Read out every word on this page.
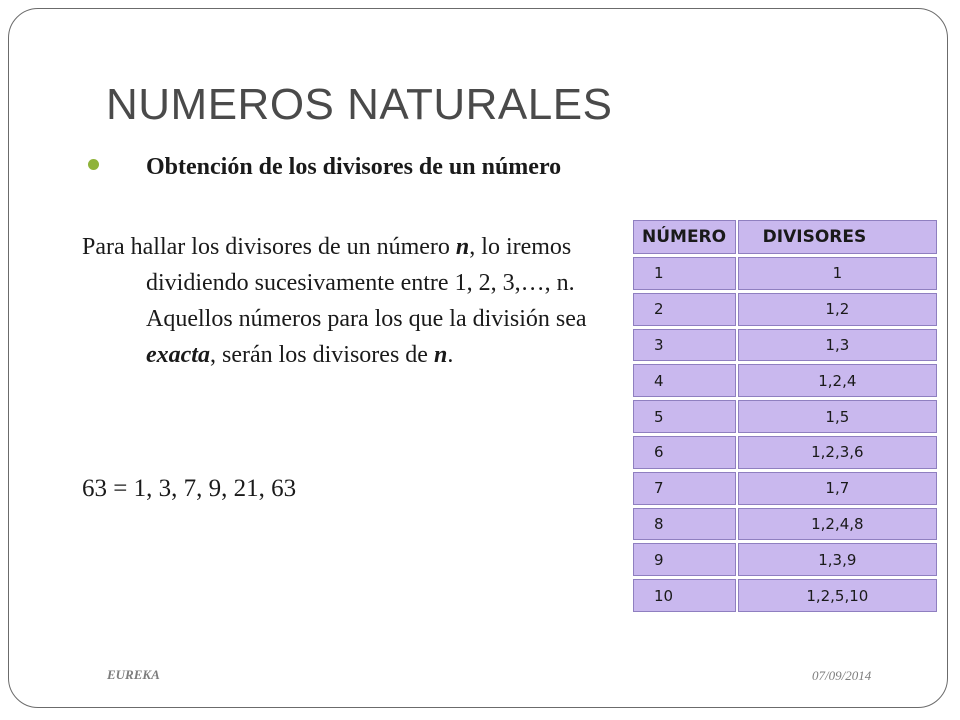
NUMEROS NATURALES
Obtención de los divisores de un número
Para hallar los divisores de un número n, lo iremos dividiendo sucesivamente entre 1, 2, 3,…, n. Aquellos números para los que la división sea exacta, serán los divisores de n.
63 = 1, 3, 7, 9, 21, 63
NÚMERO	DIVISORES
1	1
2	1,2
3	1,3
4	1,2,4
5	1,5
6	1,2,3,6
7	1,7
8	1,2,4,8
9	1,3,9
10	1,2,5,10
EUREKA	07/09/2014
